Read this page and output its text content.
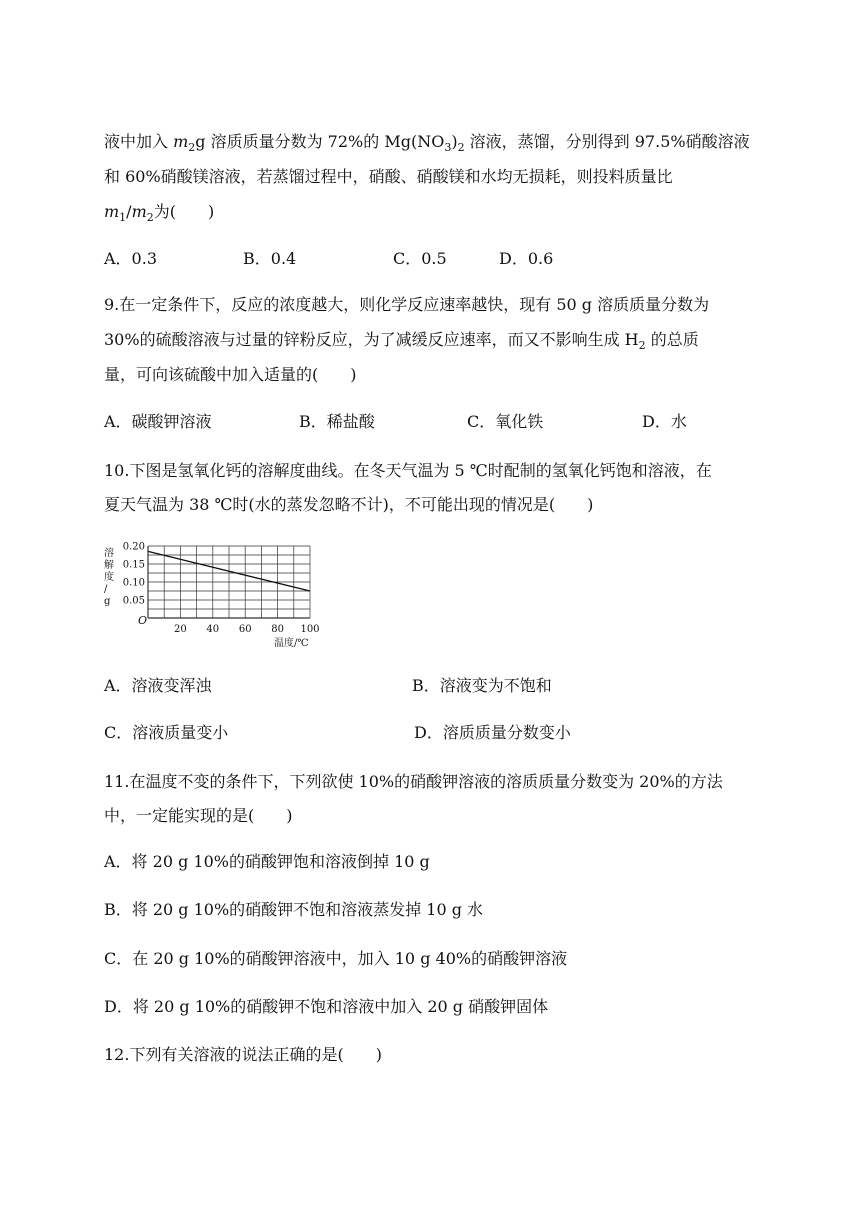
液中加入 $m_2g$ 溶质质量分数为 72%的 $Mg(NO_3)_2$ 溶液，蒸馏，分别得到 97.5%硝酸溶液
和 60%硝酸镁溶液，若蒸馏过程中，硝酸、硝酸镁和水均无损耗，则投料质量比
$m_1/m_2$为(　　)
A．0.3	B．0.4	C．0.5	D．0.6
9.在一定条件下，反应的浓度越大，则化学反应速率越快，现有 50 g 溶质质量分数为
30%的硫酸溶液与过量的锌粉反应，为了减缓反应速率，而又不影响生成 $H_2$ 的总质
量，可向该硫酸中加入适量的(　　)
A．碳酸钾溶液	B．稀盐酸	C．氧化铁	D．水
10.下图是氢氧化钙的溶解度曲线。在冬天气温为 5 ℃时配制的氢氧化钙饱和溶液，在
夏天气温为 38 ℃时(水的蒸发忽略不计)，不可能出现的情况是(　　)
溶
解
度
/
g
0.20
0.15
0.10
0.05
20 40 60 80 100
O
温度/℃
A．溶液变浑浊	B．溶液变为不饱和
C．溶液质量变小	D．溶质质量分数变小
11.在温度不变的条件下，下列欲使 10%的硝酸钾溶液的溶质质量分数变为 20%的方法
中，一定能实现的是(　　)
A．将 20 g 10%的硝酸钾饱和溶液倒掉 10 g
B．将 20 g 10%的硝酸钾不饱和溶液蒸发掉 10 g 水
C．在 20 g 10%的硝酸钾溶液中，加入 10 g 40%的硝酸钾溶液
D．将 20 g 10%的硝酸钾不饱和溶液中加入 20 g 硝酸钾固体
12.下列有关溶液的说法正确的是(　　)
